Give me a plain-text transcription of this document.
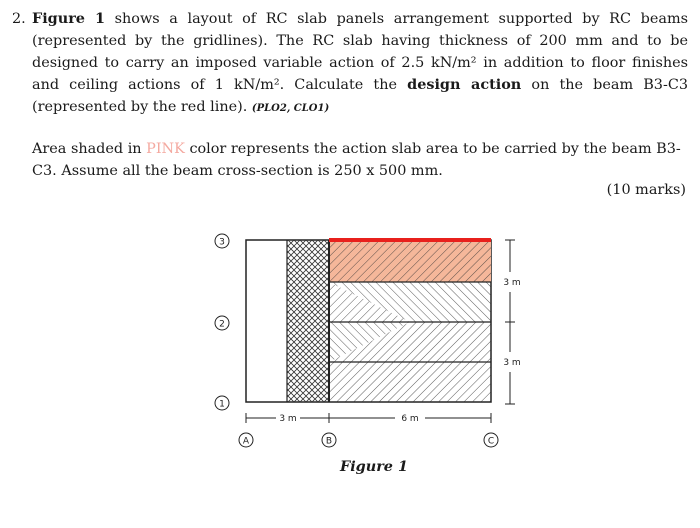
2. Figure 1 shows a layout of RC slab panels arrangement supported by RC beams (represented by the gridlines). The RC slab having thickness of 200 mm and to be designed to carry an imposed variable action of 2.5 kN/m² in addition to floor finishes and ceiling actions of 1 kN/m². Calculate the design action on the beam B3-C3 (represented by the red line). (PLO2, CLO1)
Area shaded in PINK color represents the action slab area to be carried by the beam B3-C3. Assume all the beam cross-section is 250 x 500 mm.
(10 marks)
3
2
1
A	B	C
3 m	6 m
3 m
3 m
Figure 1
